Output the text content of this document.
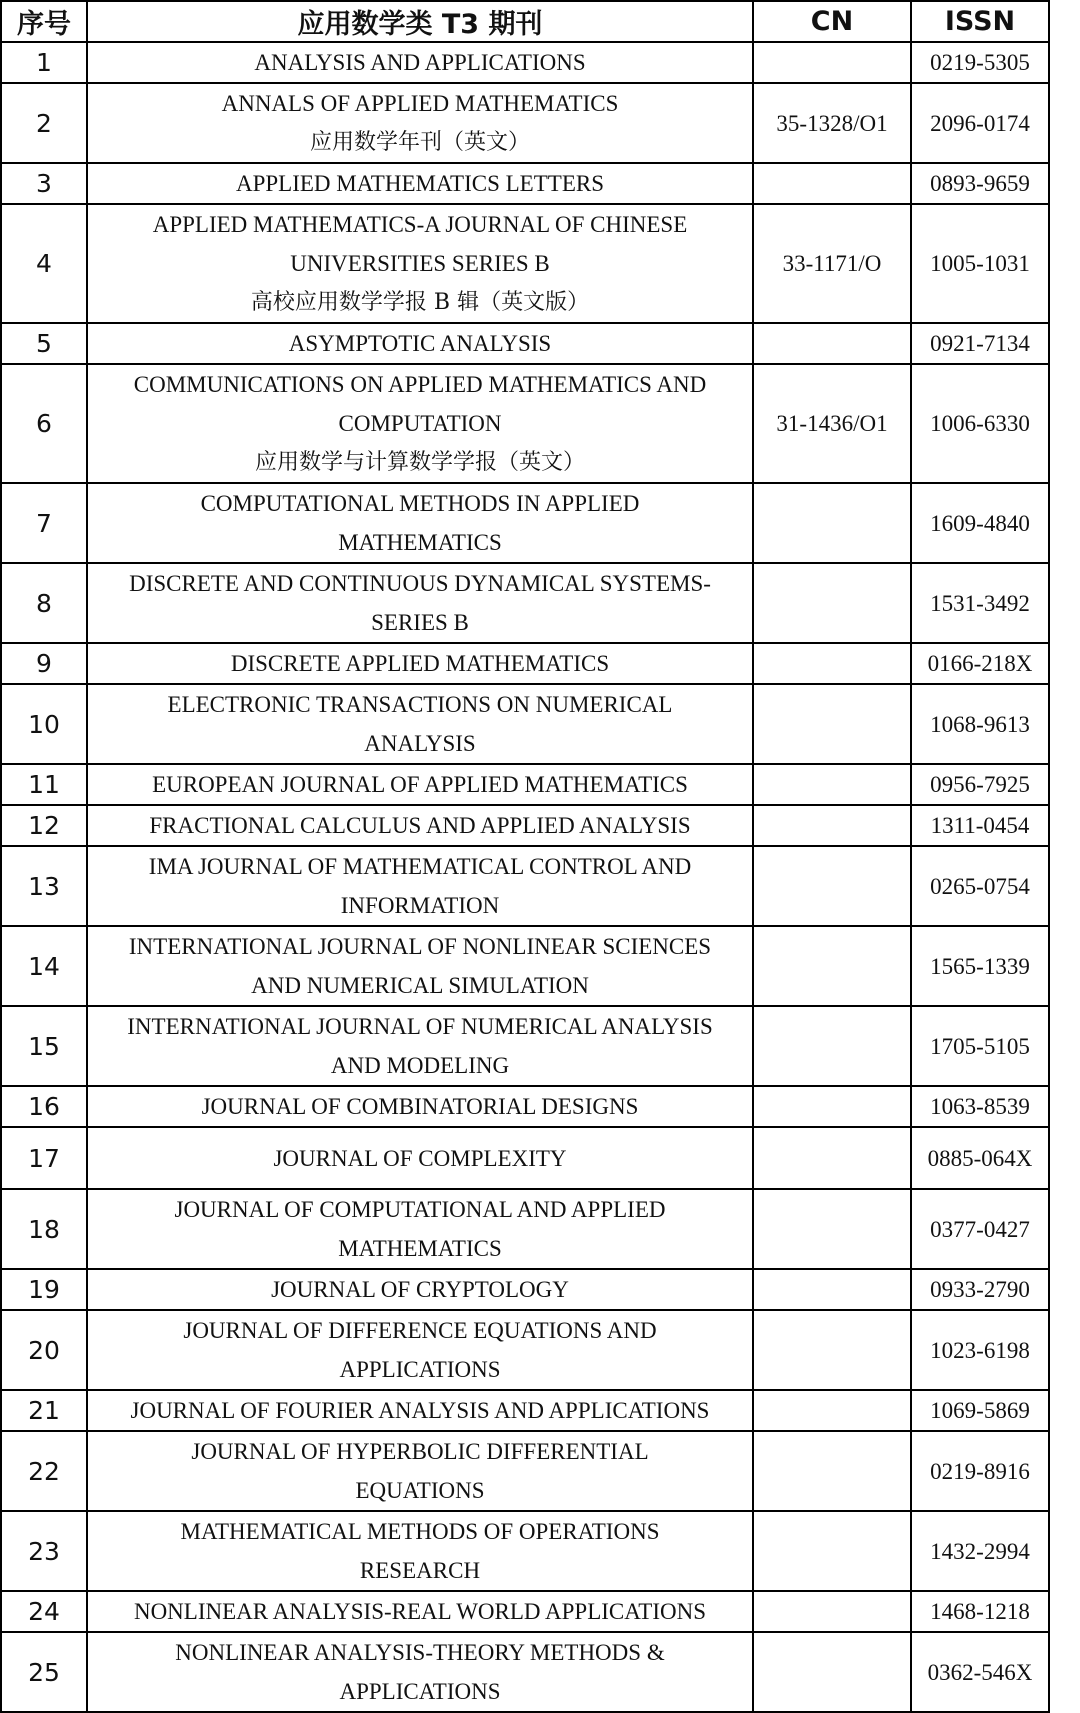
序号	应用数学类 T3 期刊	CN	ISSN
1	ANALYSIS AND APPLICATIONS		0219-5305
2	ANNALS OF APPLIED MATHEMATICS
应用数学年刊（英文）	35-1328/O1	2096-0174
3	APPLIED MATHEMATICS LETTERS		0893-9659
4	APPLIED MATHEMATICS-A JOURNAL OF CHINESE
UNIVERSITIES SERIES B
高校应用数学学报 B 辑（英文版）	33-1171/O	1005-1031
5	ASYMPTOTIC ANALYSIS		0921-7134
6	COMMUNICATIONS ON APPLIED MATHEMATICS AND
COMPUTATION
应用数学与计算数学学报（英文）	31-1436/O1	1006-6330
7	COMPUTATIONAL METHODS IN APPLIED
MATHEMATICS		1609-4840
8	DISCRETE AND CONTINUOUS DYNAMICAL SYSTEMS-
SERIES B		1531-3492
9	DISCRETE APPLIED MATHEMATICS		0166-218X
10	ELECTRONIC TRANSACTIONS ON NUMERICAL
ANALYSIS		1068-9613
11	EUROPEAN JOURNAL OF APPLIED MATHEMATICS		0956-7925
12	FRACTIONAL CALCULUS AND APPLIED ANALYSIS		1311-0454
13	IMA JOURNAL OF MATHEMATICAL CONTROL AND
INFORMATION		0265-0754
14	INTERNATIONAL JOURNAL OF NONLINEAR SCIENCES
AND NUMERICAL SIMULATION		1565-1339
15	INTERNATIONAL JOURNAL OF NUMERICAL ANALYSIS
AND MODELING		1705-5105
16	JOURNAL OF COMBINATORIAL DESIGNS		1063-8539
17	JOURNAL OF COMPLEXITY		0885-064X
18	JOURNAL OF COMPUTATIONAL AND APPLIED
MATHEMATICS		0377-0427
19	JOURNAL OF CRYPTOLOGY		0933-2790
20	JOURNAL OF DIFFERENCE EQUATIONS AND
APPLICATIONS		1023-6198
21	JOURNAL OF FOURIER ANALYSIS AND APPLICATIONS		1069-5869
22	JOURNAL OF HYPERBOLIC DIFFERENTIAL
EQUATIONS		0219-8916
23	MATHEMATICAL METHODS OF OPERATIONS
RESEARCH		1432-2994
24	NONLINEAR ANALYSIS-REAL WORLD APPLICATIONS		1468-1218
25	NONLINEAR ANALYSIS-THEORY METHODS &
APPLICATIONS		0362-546X
